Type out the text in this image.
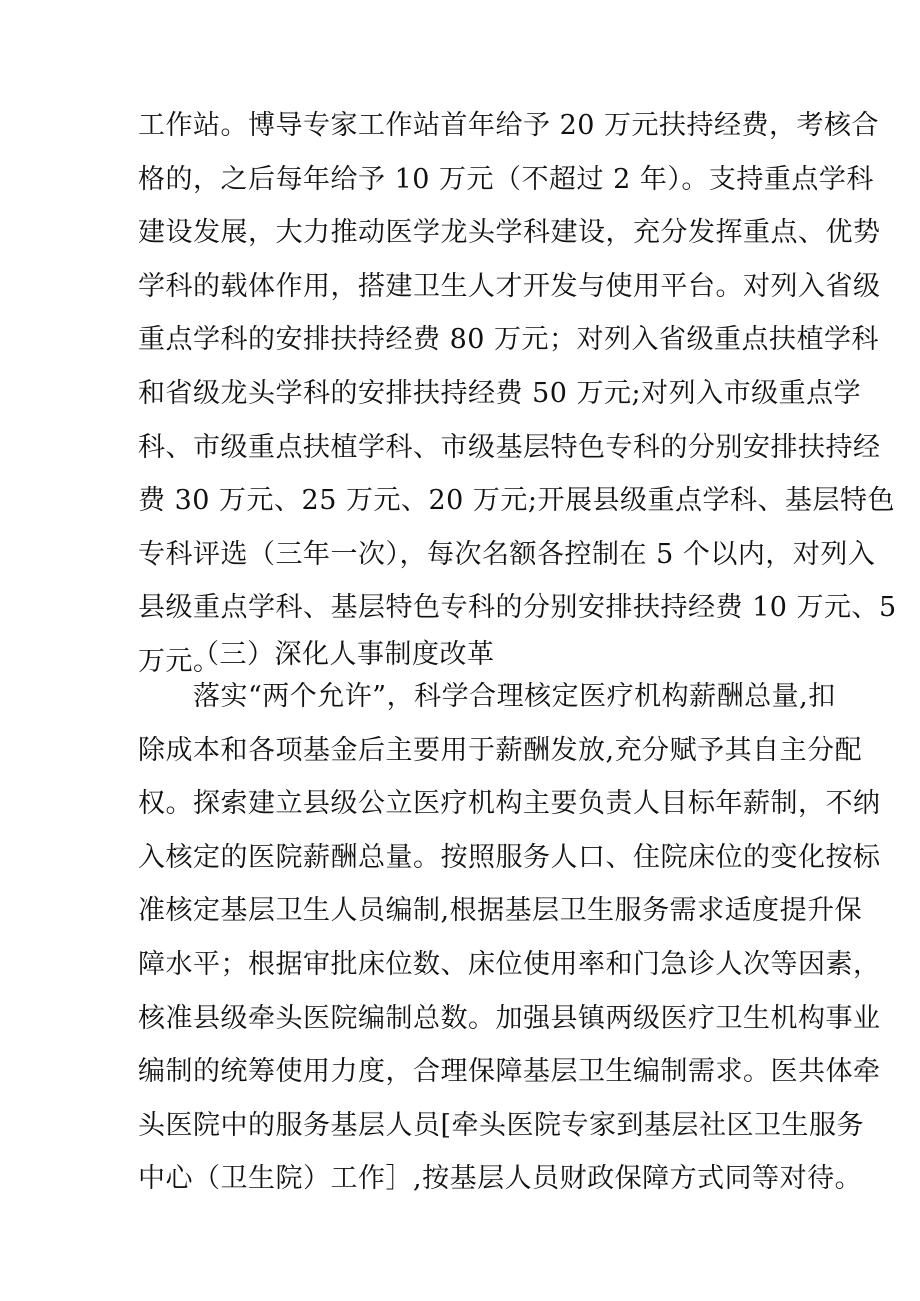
工作站。博导专家工作站首年给予 20 万元扶持经费，考核合
格的，之后每年给予 10 万元（不超过 2 年）。支持重点学科
建设发展，大力推动医学龙头学科建设，充分发挥重点、优势
学科的载体作用，搭建卫生人才开发与使用平台。对列入省级
重点学科的安排扶持经费 80 万元；对列入省级重点扶植学科
和省级龙头学科的安排扶持经费 50 万元;对列入市级重点学
科、市级重点扶植学科、市级基层特色专科的分别安排扶持经
费 30 万元、25 万元、20 万元;开展县级重点学科、基层特色
专科评选（三年一次），每次名额各控制在 5 个以内，对列入
县级重点学科、基层特色专科的分别安排扶持经费 10 万元、5
万元。
（三）深化人事制度改革
　　落实“两个允许”，科学合理核定医疗机构薪酬总量,扣
除成本和各项基金后主要用于薪酬发放,充分赋予其自主分配
权。探索建立县级公立医疗机构主要负责人目标年薪制，不纳
入核定的医院薪酬总量。按照服务人口、住院床位的变化按标
准核定基层卫生人员编制,根据基层卫生服务需求适度提升保
障水平；根据审批床位数、床位使用率和门急诊人次等因素，
核准县级牵头医院编制总数。加强县镇两级医疗卫生机构事业
编制的统筹使用力度，合理保障基层卫生编制需求。医共体牵
头医院中的服务基层人员[牵头医院专家到基层社区卫生服务
中心（卫生院）工作］,按基层人员财政保障方式同等对待。
